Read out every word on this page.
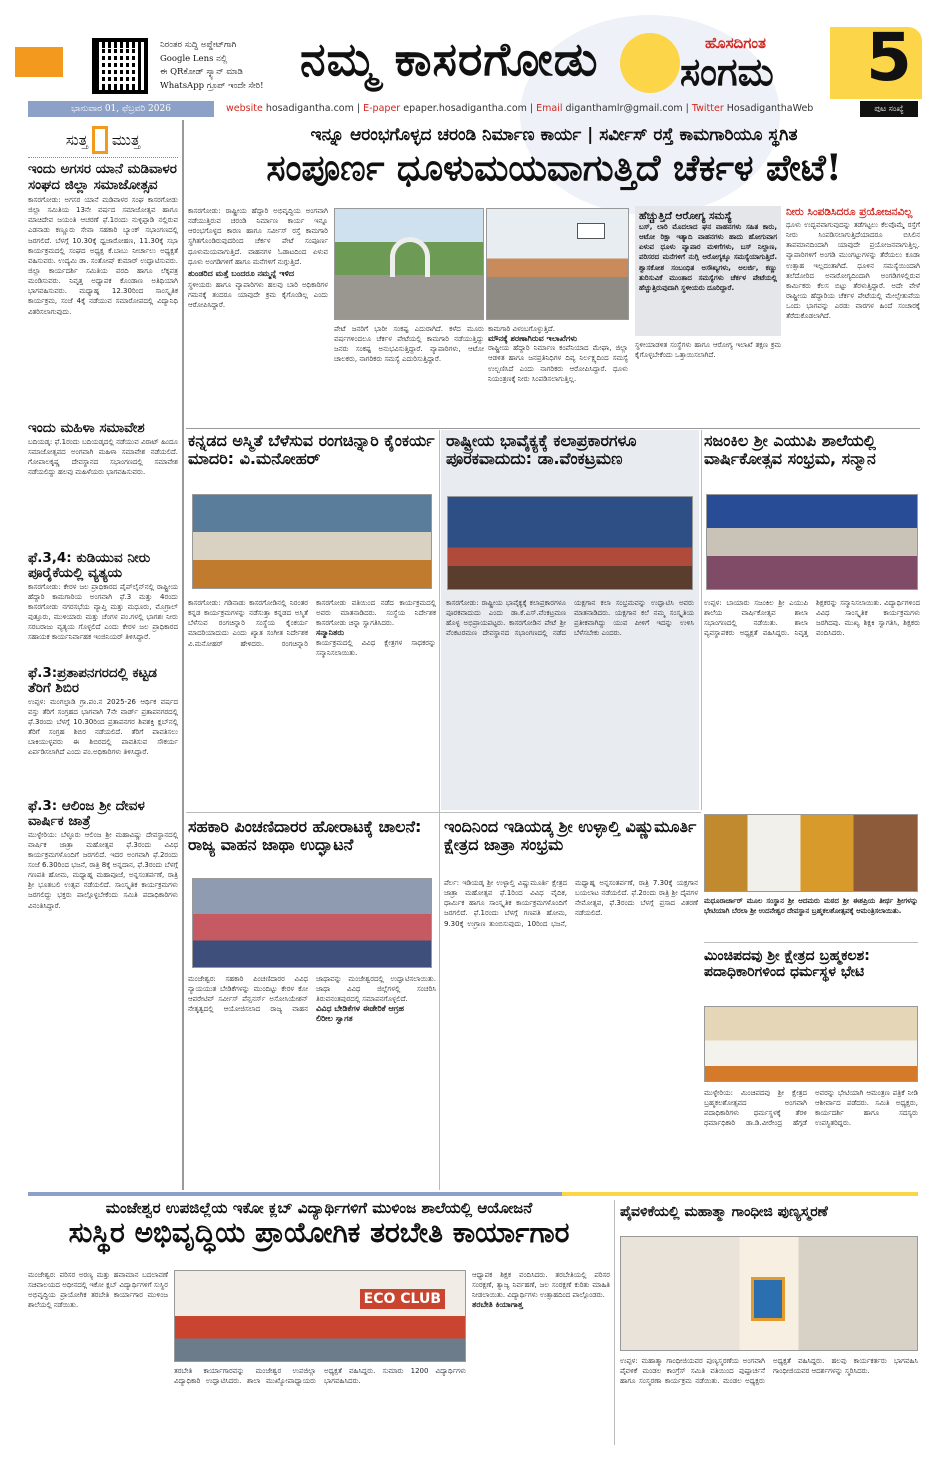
ನಿರಂತರ ಸುದ್ದಿ ಅಪ್ಡೇಟ್‌ಗಾಗಿ
Google Lens ನಲ್ಲಿ
ಈ QRಕೋಡ್ ಸ್ಕ್ಯಾನ್ ಮಾಡಿ
WhatsApp ಗ್ರೂಪ್ ಇಂದೇ ಸೇರಿ! ನಮ್ಮ ಕಾಸರಗೋಡು	ಹೊಸದಿಗಂತ
ಸಂಗಮ 5
ಭಾನುವಾರ 01, ಫೆಬ್ರವರಿ 2026	website hosadigantha.com | E-paper epaper.hosadigantha.com | Email diganthamlr@gmail.com | Twitter HosadiganthaWeb	ಪುಟ ಸಂಖ್ಯೆ
ಸುತ್ತ ಮುತ್ತ
ಇಂದು ಅಗಸರ ಯಾನೆ ಮಡಿವಾಳರ ಸಂಘದ ಜಿಲ್ಲಾ ಸಮಾಜೋತ್ಸವ
ಕಾಸರಗೋಡು: ಅಗಸರ ಯಾನೆ ಮಡಿವಾಳರ ಸಂಘ ಕಾಸರಗೋಡು ಜಿಲ್ಲಾ ಸಮಿತಿಯ 13ನೇ ವರ್ಷದ ಸಮಾಜೋತ್ಸವ ಹಾಗೂ ಮಾಚಿದೇವ ಜಯಂತಿ ಆಚರಣೆ ಫೆ.1ರಂದು ನುಳ್ಳಿಪ್ಪಾಡಿ ನಲ್ಲಿರುವ ಎಡನಾಡು ಕಣ್ಣೂರು ಸೇವಾ ಸಹಕಾರಿ ಬ್ಯಾಂಕ್ ಸಭಾಂಗಣದಲ್ಲಿ ಜರಗಲಿದೆ. ಬೆಳಗ್ಗೆ 10.30ಕ್ಕೆ ಧ್ವಜಾರೋಹಣ, 11.30ಕ್ಕೆ ಸಭಾ ಕಾರ್ಯಕ್ರಮದಲ್ಲಿ ಸಂಘದ ಅಧ್ಯಕ್ಷ ಕೆ.ಬಾಬು ನೀರ್ಚಾಲು ಅಧ್ಯಕ್ಷತೆ ವಹಿಸುವರು. ಉದ್ಯಮಿ ಡಾ. ಸಂತೋಷ್ ಕುಮಾರ್ ಉದ್ಘಾಟಿಸುವರು. ಜಿಲ್ಲಾ ಕಾರ್ಯದರ್ಶಿ ಸಮಿತಿಯ ವರದಿ ಹಾಗೂ ಲೆಕ್ಕಪತ್ರ ಮಂಡಿಸುವರು. ನಿವೃತ್ತ ಅಧ್ಯಾಪಕ ಕೊಂಡಾಣ ಅತಿಥಿಯಾಗಿ ಭಾಗವಹಿಸುವರು. ಮಧ್ಯಾಹ್ನ 12.30ರಿಂದ ಸಾಂಸ್ಕೃತಿಕ ಕಾರ್ಯಕ್ರಮ, ಸಂಜೆ 4ಕ್ಕೆ ನಡೆಯುವ ಸಮಾರೋಪದಲ್ಲಿ ವಿದ್ಯಾನಿಧಿ ವಿತರಿಸಲಾಗುವುದು.
ಇಂದು ಮಹಿಳಾ ಸಮಾವೇಶ
ಬದಿಯಡ್ಕ: ಫೆ.1ರಂದು ಬದಿಯಡ್ಕದಲ್ಲಿ ನಡೆಯುವ ವಿರಾಟ್ ಹಿಂದೂ ಸಮಾಜೋತ್ಸವದ ಅಂಗವಾಗಿ ಮಹಿಳಾ ಸಮಾವೇಶ ನಡೆಯಲಿದೆ. ಗೋಪಾಲಕೃಷ್ಣ ದೇವಸ್ಥಾನದ ಸಭಾಂಗಣದಲ್ಲಿ ಸಮಾವೇಶ ನಡೆಯಲಿದ್ದು ಹಲವು ಮಹಿಳೆಯರು ಭಾಗವಹಿಸುವರು.
ಫೆ.3,4: ಕುಡಿಯುವ ನೀರು ಪೂರೈಕೆಯಲ್ಲಿ ವ್ಯತ್ಯಯ
ಕಾಸರಗೋಡು: ಕೇರಳ ಜಲ ಪ್ರಾಧಿಕಾರದ ಪೈಪ್‌ಲೈನ್‌ನಲ್ಲಿ ರಾಷ್ಟ್ರೀಯ ಹೆದ್ದಾರಿ ಕಾಮಗಾರಿಯ ಅಂಗವಾಗಿ ಫೆ.3 ಮತ್ತು 4ರಂದು ಕಾಸರಗೋಡು ನಗರಸಭೆಯ ವ್ಯಾಪ್ತಿ ಮತ್ತು ಮಧೂರು, ಮೊಗ್ರಾಲ್ ಪುತ್ತೂರು, ಮುಳಿಯಾರು ಮತ್ತು ಚೆಂಗಳ ಪಂ.ಗಳಲ್ಲಿ ಭಾಗಶಃ ನೀರು ಸರಬರಾಜು ವ್ಯತ್ಯಯ ಗೊಳ್ಳಲಿದೆ ಎಂದು ಕೇರಳ ಜಲ ಪ್ರಾಧಿಕಾರದ ಸಹಾಯಕ ಕಾರ್ಯನಿರ್ವಾಹಕ ಇಂಜಿನಿಯರ್ ತಿಳಿಸಿದ್ದಾರೆ.
ಫೆ.3:ಪ್ರತಾಪನಗರದಲ್ಲಿ ಕಟ್ಟಡ ತೆರಿಗೆ ಶಿಬಿರ
ಉಪ್ಪಳ: ಮಂಗಲ್ಪಾಡಿ ಗ್ರಾ.ಪಂ.ನ 2025-26 ಆರ್ಥಿಕ ವರ್ಷದ ವಸ್ತು ತೆರಿಗೆ ಸಂಗ್ರಹದ ಭಾಗವಾಗಿ 7ನೇ ವಾರ್ಡ್ ಪ್ರತಾಪನಗರದಲ್ಲಿ ಫೆ.3ರಂದು ಬೆಳಗ್ಗೆ 10.30ರಿಂದ ಪ್ರತಾಪನಗರ ಶಿವಶಕ್ತಿ ಕ್ಲಬ್‌ನಲ್ಲಿ ತೆರಿಗೆ ಸಂಗ್ರಹ ಶಿಬಿರ ನಡೆಯಲಿದೆ. ತೆರಿಗೆ ಪಾವತಿಸಲು ಬಾಕಿಯುಳ್ಳವರು ಈ ಶಿಬಿರದಲ್ಲಿ ಪಾವತಿಸುವ ಸೌಕರ್ಯ ಏರ್ಪಡಿಸಲಾಗಿದೆ ಎಂದು ಪಂ.ಅಧಿಕಾರಿಗಳು ತಿಳಿಸಿದ್ದಾರೆ.
ಫೆ.3: ಆಲಿಂಜ ಶ್ರೀ ದೇವಳ ವಾರ್ಷಿಕ ಜಾತ್ರೆ
ಮುಳ್ಳೇರಿಯ: ಬೆಳ್ಳೂರು ಆಲಿಂಜ ಶ್ರೀ ಮಹಾವಿಷ್ಣು ದೇವಸ್ಥಾನದಲ್ಲಿ ವಾರ್ಷಿಕ ಜಾತ್ರಾ ಮಹೋತ್ಸವ ಫೆ.3ರಂದು ವಿವಿಧ ಕಾರ್ಯಕ್ರಮಗಳೊಂದಿಗೆ ಜರಗಲಿದೆ. ಇದರ ಅಂಗವಾಗಿ ಫೆ.2ರಂದು ಸಂಜೆ 6.30ರಿಂದ ಭಜನೆ, ರಾತ್ರಿ 8ಕ್ಕೆ ಅನ್ನದಾನ, ಫೆ.3ರಂದು ಬೆಳಗ್ಗೆ ಗಣಪತಿ ಹೋಮ, ಮಧ್ಯಾಹ್ನ ಮಹಾಪೂಜೆ, ಅನ್ನಸಂತರ್ಪಣೆ, ರಾತ್ರಿ ಶ್ರೀ ಭೂತಬಲಿ ಉತ್ಸವ ನಡೆಯಲಿದೆ. ಸಾಂಸ್ಕೃತಿಕ ಕಾರ್ಯಕ್ರಮಗಳು ಜರಗಲಿದ್ದು ಭಕ್ತರು ಪಾಲ್ಗೊಳ್ಳಬೇಕೆಂದು ಸಮಿತಿ ಪದಾಧಿಕಾರಿಗಳು ವಿನಂತಿಸಿದ್ದಾರೆ.
ಇನ್ನೂ ಆರಂಭಗೊಳ್ಳದ ಚರಂಡಿ ನಿರ್ಮಾಣ ಕಾರ್ಯ | ಸರ್ವೀಸ್ ರಸ್ತೆ ಕಾಮಗಾರಿಯೂ ಸ್ಥಗಿತ
ಸಂಪೂರ್ಣ ಧೂಳುಮಯವಾಗುತ್ತಿದೆ ಚೆರ್ಕಳ ಪೇಟೆ!
ಕಾಸರಗೋಡು: ರಾಷ್ಟ್ರೀಯ ಹೆದ್ದಾರಿ ಅಭಿವೃದ್ಧಿಯ ಅಂಗವಾಗಿ ನಡೆಯುತ್ತಿರುವ ಚರಂಡಿ ನಿರ್ಮಾಣ ಕಾರ್ಯ ಇನ್ನೂ ಆರಂಭಗೊಳ್ಳದ ಕಾರಣ ಹಾಗೂ ಸರ್ವೀಸ್ ರಸ್ತೆ ಕಾಮಗಾರಿ ಸ್ಥಗಿತಗೊಂಡಿರುವುದರಿಂದ ಚೆರ್ಕಳ ಪೇಟೆ ಸಂಪೂರ್ಣ ಧೂಳುಮಯವಾಗುತ್ತಿದೆ. ವಾಹನಗಳ ಓಡಾಟದಿಂದ ಏಳುವ ಧೂಳು ಅಂಗಡಿಗಳಿಗೆ ಹಾಗೂ ಮನೆಗಳಿಗೆ ನುಗ್ಗುತ್ತಿದೆ.
ತುಂಡರಿದ ಮತ್ತೆ ಬಂದರೂ ನಮ್ಮನ್ನೆ ಇಳಿದ
ಸ್ಥಳೀಯರು ಹಾಗೂ ವ್ಯಾಪಾರಿಗಳು ಹಲವು ಬಾರಿ ಅಧಿಕಾರಿಗಳ ಗಮನಕ್ಕೆ ತಂದರೂ ಯಾವುದೇ ಕ್ರಮ ಕೈಗೊಂಡಿಲ್ಲ ಎಂದು ಆರೋಪಿಸಿದ್ದಾರೆ.
ಪೇಟೆ ಜನರಿಗೆ ಭಾರೀ ಸಂಕಷ್ಟ ಎದುರಾಗಿದೆ. ಕಳೆದ ಮೂರು ವರ್ಷಗಳಿಂದಲೂ ಚೆರ್ಕಳ ಪೇಟೆಯಲ್ಲಿ ಕಾಮಗಾರಿ ನಡೆಯುತ್ತಿದ್ದು ಜನರು ಸಂಕಷ್ಟ ಅನುಭವಿಸುತ್ತಿದ್ದಾರೆ. ವ್ಯಾಪಾರಿಗಳು, ಆಟೋ ಚಾಲಕರು, ನಾಗರಿಕರು ಸಮಸ್ಯೆ ಎದುರಿಸುತ್ತಿದ್ದಾರೆ.
ಕಾಮಗಾರಿ ವಿಳಂಬಗೊಳ್ಳುತ್ತಿದೆ.
ಮೌನಕ್ಕೆ ಶರಣಾಗಿರುವ ಇಲಾಖೆಗಳು
ರಾಷ್ಟ್ರೀಯ ಹೆದ್ದಾರಿ ನಿರ್ಮಾಣ ಕಂಪೆನಿಯಾದ ಮೇಘಾ, ಜಿಲ್ಲಾ ಆಡಳಿತ ಹಾಗೂ ಜನಪ್ರತಿನಿಧಿಗಳ ದಿವ್ಯ ನಿರ್ಲಕ್ಷ್ಯದಿಂದ ಸಮಸ್ಯೆ ಉಲ್ಬಣಿಸಿದೆ ಎಂದು ನಾಗರಿಕರು ಆರೋಪಿಸಿದ್ದಾರೆ. ಧೂಳು ನಿಯಂತ್ರಣಕ್ಕೆ ನೀರು ಸಿಂಪಡಿಸಲಾಗುತ್ತಿಲ್ಲ.
ಹೆಚ್ಚುತ್ತಿದೆ ಆರೋಗ್ಯ ಸಮಸ್ಯೆ
ಬಸ್, ಲಾರಿ ಮೊದಲಾದ ಘನ ವಾಹನಗಳು ಸಹಿತ ಕಾರು, ಆಟೋ ರಿಕ್ಷಾ ಇತ್ಯಾದಿ ವಾಹನಗಳು ಹಾದು ಹೋಗುವಾಗ ಏಳುವ ಧೂಳು ವ್ಯಾಪಾರ ಮಳಿಗೆಗಳು, ಬಸ್ ನಿಲ್ದಾಣ, ಪರಿಸರದ ಮನೆಗಳಿಗೆ ನುಗ್ಗಿ ಆರೋಗ್ಯಕ್ಕೂ ಸಮಸ್ಯೆಯಾಗುತ್ತಿದೆ. ಶ್ವಾಸಕೋಶ ಸಂಬಂಧಿತ ಅಸೌಖ್ಯಗಳು, ಅಲರ್ಜಿ, ಕಣ್ಣು ತುರಿಸುವಿಕೆ ಮುಂತಾದ ಸಮಸ್ಯೆಗಳು ಚೆರ್ಕಳ ಪೇಟೆಯಲ್ಲಿ ಹೆಚ್ಚುತ್ತಿರುವುದಾಗಿ ಸ್ಥಳೀಯರು ದೂರಿದ್ದಾರೆ.
ಸ್ಥಳೀಯಾಡಳಿತ ಸಂಸ್ಥೆಗಳು ಹಾಗೂ ಆರೋಗ್ಯ ಇಲಾಖೆ ತಕ್ಷಣ ಕ್ರಮ ಕೈಗೊಳ್ಳಬೇಕೆಂದು ಒತ್ತಾಯಿಸಲಾಗಿದೆ.
ನೀರು ಸಿಂಪಡಿಸಿದರೂ ಪ್ರಯೋಜನವಿಲ್ಲ
ಧೂಳು ಉದ್ಭವವಾಗುವುದನ್ನು ತಡೆಗಟ್ಟಲು ಕೆಲವೊಮ್ಮೆ ರಸ್ತೆಗೆ ನೀರು ಸಿಂಪಡಿಸಲಾಗುತ್ತಿದೆಯಾದರೂ ಬಿಸಿಲಿನ ತಾಪಮಾನದಿಂದಾಗಿ ಯಾವುದೇ ಪ್ರಯೋಜನವಾಗುತ್ತಿಲ್ಲ. ವ್ಯಾಪಾರಿಗಳಿಗೆ ಅಂಗಡಿ ಮುಂಗಟ್ಟುಗಳನ್ನು ತೆರೆಯಲು ಕೂಡಾ ಉತ್ಸಾಹ ಇಲ್ಲದಂತಾಗಿದೆ. ಧೂಳಿನ ಸಮಸ್ಯೆಯಿಂದಾಗಿ ತಲೆದೋರಿದ ಅನಾರೋಗ್ಯದಿಂದಾಗಿ ಅಂಗಡಿಗಳಲ್ಲಿರುವ ಕಾರ್ಮಿಕರು ಕೆಲಸ ಬಿಟ್ಟು ತೆರಳುತ್ತಿದ್ದಾರೆ. ಅದೇ ವೇಳೆ ರಾಷ್ಟ್ರೀಯ ಹೆದ್ದಾರಿಯ ಚೆರ್ಕಳ ಪೇಟೆಯಲ್ಲಿ ಮೇಲ್ಸೇತುವೆಯ ಒಂದು ಭಾಗವನ್ನು ಎರಡು ವಾರಗಳ ಹಿಂದೆ ಸಂಚಾರಕ್ಕೆ ತೆರೆದುಕೊಡಲಾಗಿದೆ.
ಕನ್ನಡದ ಅಸ್ಮಿತೆ ಬೆಳೆಸುವ ರಂಗಚಿನ್ನಾರಿ ಕೈಂಕರ್ಯ ಮಾದರಿ: ವಿ.ಮನೋಹರ್
ಕಾಸರಗೋಡು: ಗಡಿನಾಡು ಕಾಸರಗೋಡಿನಲ್ಲಿ ನಿರಂತರ ಕನ್ನಡ ಕಾರ್ಯಕ್ರಮಗಳನ್ನು ನಡೆಸುತ್ತಾ ಕನ್ನಡದ ಅಸ್ಮಿತೆ ಬೆಳೆಸುವ ರಂಗಚಿನ್ನಾರಿ ಸಂಸ್ಥೆಯ ಕೈಂಕರ್ಯ ಮಾದರಿಯಾದುದು ಎಂದು ಖ್ಯಾತ ಸಂಗೀತ ನಿರ್ದೇಶಕ ವಿ.ಮನೋಹರ್ ಹೇಳಿದರು. ರಂಗಚಿನ್ನಾರಿ ಕಾಸರಗೋಡು ವತಿಯಿಂದ ನಡೆದ ಕಾರ್ಯಕ್ರಮದಲ್ಲಿ ಅವರು ಮಾತನಾಡಿದರು. ಸಂಸ್ಥೆಯ ನಿರ್ದೇಶಕ ಕಾಸರಗೋಡು ಚಿನ್ನಾ ಸ್ವಾಗತಿಸಿದರು.
ಸನ್ಮಾನಿತರು
ಕಾರ್ಯಕ್ರಮದಲ್ಲಿ ವಿವಿಧ ಕ್ಷೇತ್ರಗಳ ಸಾಧಕರನ್ನು ಸನ್ಮಾನಿಸಲಾಯಿತು.
ರಾಷ್ಟ್ರೀಯ ಭಾವೈಕ್ಯಕ್ಕೆ ಕಲಾಪ್ರಕಾರಗಳೂ ಪೂರಕವಾದುದು: ಡಾ.ವೆಂಕಟ್ರಮಣ
ಕಾಸರಗೋಡು: ರಾಷ್ಟ್ರೀಯ ಭಾವೈಕ್ಯಕ್ಕೆ ಕಲಾಪ್ರಕಾರಗಳೂ ಪೂರಕವಾದುದು ಎಂದು ಡಾ.ಕೆ.ಎಸ್.ವೆಂಕಟ್ರಮಣ ಹೊಳ್ಳ ಅಭಿಪ್ರಾಯಪಟ್ಟರು. ಕಾಸರಗೋಡಿನ ಪೇಟೆ ಶ್ರೀ ವೆಂಕಟರಮಣ ದೇವಸ್ಥಾನದ ಸಭಾಂಗಣದಲ್ಲಿ ನಡೆದ ಯಕ್ಷಗಾನ ಕಲಾ ಸಂಭ್ರಮವನ್ನು ಉದ್ಘಾಟಿಸಿ ಅವರು ಮಾತನಾಡಿದರು. ಯಕ್ಷಗಾನ ಕಲೆ ನಮ್ಮ ಸಂಸ್ಕೃತಿಯ ಪ್ರತೀಕವಾಗಿದ್ದು ಯುವ ಪೀಳಿಗೆ ಇದನ್ನು ಉಳಿಸಿ ಬೆಳೆಸಬೇಕು ಎಂದರು.
ಸಜಂಕಿಲ ಶ್ರೀ ಎಯುಪಿ ಶಾಲೆಯಲ್ಲಿ ವಾರ್ಷಿಕೋತ್ಸವ ಸಂಭ್ರಮ, ಸನ್ಮಾನ
ಉಪ್ಪಳ: ಬಾಯಾರು ಸಜಂಕಿಲ ಶ್ರೀ ಎಯುಪಿ ಶಾಲೆಯ ವಾರ್ಷಿಕೋತ್ಸವ ಶಾಲಾ ಸಭಾಂಗಣದಲ್ಲಿ ನಡೆಯಿತು. ಶಾಲಾ ವ್ಯವಸ್ಥಾಪಕರು ಅಧ್ಯಕ್ಷತೆ ವಹಿಸಿದ್ದರು. ನಿವೃತ್ತ ಶಿಕ್ಷಕರನ್ನು ಸನ್ಮಾನಿಸಲಾಯಿತು. ವಿದ್ಯಾರ್ಥಿಗಳಿಂದ ವಿವಿಧ ಸಾಂಸ್ಕೃತಿಕ ಕಾರ್ಯಕ್ರಮಗಳು ಜರಗಿದವು. ಮುಖ್ಯ ಶಿಕ್ಷಕಿ ಸ್ವಾಗತಿಸಿ, ಶಿಕ್ಷಕರು ವಂದಿಸಿದರು.
ಸಹಕಾರಿ ಪಿಂಚಣಿದಾರರ ಹೋರಾಟಕ್ಕೆ ಚಾಲನೆ: ರಾಜ್ಯ ವಾಹನ ಜಾಥಾ ಉದ್ಘಾಟನೆ
ಮಂಜೇಶ್ವರ: ಸಹಕಾರಿ ಪಿಂಚಣಿದಾರರ ವಿವಿಧ ನ್ಯಾಯಯುತ ಬೇಡಿಕೆಗಳನ್ನು ಮುಂದಿಟ್ಟು ಕೇರಳ ಕೋ ಆಪರೇಟಿವ್ ಸರ್ವೀಸ್ ಪೆನ್ಷನರ್ಸ್ ಅಸೋಸಿಯೇಶನ್ ನೇತೃತ್ವದಲ್ಲಿ ಆಯೋಜಿಸಲಾದ ರಾಜ್ಯ ವಾಹನ ಜಾಥಾವನ್ನು ಮಂಜೇಶ್ವರದಲ್ಲಿ ಉದ್ಘಾಟಿಸಲಾಯಿತು. ಜಾಥಾ ವಿವಿಧ ಜಿಲ್ಲೆಗಳಲ್ಲಿ ಸಂಚರಿಸಿ ತಿರುವನಂತಪುರದಲ್ಲಿ ಸಮಾಪನಗೊಳ್ಳಲಿದೆ.
ವಿವಿಧ ಬೇಡಿಕೆಗಳ ಈಡೇರಿಕೆ ಆಗ್ರಹ
ಲಿರೀಲ ಸ್ವಾಗತ
ಇಂದಿನಿಂದ ಇಡಿಯಡ್ಕ ಶ್ರೀ ಉಳ್ಳಾಲ್ತಿ ವಿಷ್ಣುಮೂರ್ತಿ ಕ್ಷೇತ್ರದ ಜಾತ್ರಾ ಸಂಭ್ರಮ
ಪೆರ್ಲ: ಇಡಿಯಡ್ಕ ಶ್ರೀ ಉಳ್ಳಾಲ್ತಿ ವಿಷ್ಣುಮೂರ್ತಿ ಕ್ಷೇತ್ರದ ಜಾತ್ರಾ ಮಹೋತ್ಸವ ಫೆ.1ರಿಂದ ವಿವಿಧ ವೈದಿಕ, ಧಾರ್ಮಿಕ ಹಾಗೂ ಸಾಂಸ್ಕೃತಿಕ ಕಾರ್ಯಕ್ರಮಗಳೊಂದಿಗೆ ಜರಗಲಿದೆ. ಫೆ.1ರಂದು ಬೆಳಗ್ಗೆ ಗಣಪತಿ ಹೋಮ, 9.30ಕ್ಕೆ ಉಗ್ರಾಣ ತುಂಬಿಸುವುದು, 10ರಿಂದ ಭಜನೆ, ಮಧ್ಯಾಹ್ನ ಅನ್ನಸಂತರ್ಪಣೆ, ರಾತ್ರಿ 7.30ಕ್ಕೆ ಯಕ್ಷಗಾನ ಬಯಲಾಟ ನಡೆಯಲಿದೆ. ಫೆ.2ರಂದು ರಾತ್ರಿ ಶ್ರೀ ದೈವಗಳ ನೇಮೋತ್ಸವ, ಫೆ.3ರಂದು ಬೆಳಗ್ಗೆ ಪ್ರಸಾದ ವಿತರಣೆ ನಡೆಯಲಿದೆ.
ಮಧೂರಾರ್ಚಾರ್ ಮೂಲ ಸಂಸ್ಥಾನ ಶ್ರೀ ಆದಮರು ಮಠದ ಶ್ರೀ ಈಶಪ್ರಿಯ ತೀರ್ಥ ಶ್ರೀಗಳನ್ನು ಭೇಟಿಯಾಗಿ ಬೆರಲಾ ಶ್ರೀ ಉದನೇಶ್ವರ ದೇವಸ್ಥಾನ ಬ್ರಹ್ಮಕಲಶೋತ್ಸವಕ್ಕೆ ಆಮಂತ್ರಿಸಲಾಯಿತು.
ಮಿಂಚಿಪದವು ಶ್ರೀ ಕ್ಷೇತ್ರದ ಬ್ರಹ್ಮಕಲಶ: ಪದಾಧಿಕಾರಿಗಳಿಂದ ಧರ್ಮಸ್ಥಳ ಭೇಟಿ
ಮುಳ್ಳೇರಿಯ: ಮಿಂಚಿಪದವು ಶ್ರೀ ಕ್ಷೇತ್ರದ ಬ್ರಹ್ಮಕಲಶೋತ್ಸವದ ಅಂಗವಾಗಿ ಪದಾಧಿಕಾರಿಗಳು ಧರ್ಮಸ್ಥಳಕ್ಕೆ ತೆರಳಿ ಧರ್ಮಾಧಿಕಾರಿ ಡಾ.ಡಿ.ವೀರೇಂದ್ರ ಹೆಗ್ಗಡೆ ಅವರನ್ನು ಭೇಟಿಯಾಗಿ ಆಮಂತ್ರಣ ಪತ್ರಿಕೆ ನೀಡಿ ಆಶೀರ್ವಾದ ಪಡೆದರು. ಸಮಿತಿ ಅಧ್ಯಕ್ಷರು, ಕಾರ್ಯದರ್ಶಿ ಹಾಗೂ ಸದಸ್ಯರು ಉಪಸ್ಥಿತರಿದ್ದರು.
ಮಂಜೇಶ್ವರ ಉಪಜಿಲ್ಲೆಯ ಇಕೋ ಕ್ಲಬ್ ವಿದ್ಯಾರ್ಥಿಗಳಿಗೆ ಮುಳಿಂಜ ಶಾಲೆಯಲ್ಲಿ ಆಯೋಜನೆ
ಸುಸ್ಥಿರ ಅಭಿವೃದ್ಧಿಯ ಪ್ರಾಯೋಗಿಕ ತರಬೇತಿ ಕಾರ್ಯಾಗಾರ
ಮಂಜೇಶ್ವರ: ಪರಿಸರ ಅರಣ್ಯ ಮತ್ತು ಹವಾಮಾನ ಬದಲಾವಣೆ ಸಚಿವಾಲಯದ ಅಧೀನದಲ್ಲಿ ಇಕೋ ಕ್ಲಬ್ ವಿದ್ಯಾರ್ಥಿಗಳಿಗೆ ಸುಸ್ಥಿರ ಅಭಿವೃದ್ಧಿಯ ಪ್ರಾಯೋಗಿಕ ತರಬೇತಿ ಕಾರ್ಯಾಗಾರ ಮುಳಿಂಜ ಶಾಲೆಯಲ್ಲಿ ನಡೆಯಿತು.	ECO CLUB
ತರಬೇತಿ ಕಾರ್ಯಾಗಾರವನ್ನು ಮಂಜೇಶ್ವರ ಉಪಜಿಲ್ಲಾ ವಿದ್ಯಾಧಿಕಾರಿ ಉದ್ಘಾಟಿಸಿದರು. ಶಾಲಾ ಮುಖ್ಯೋಪಾಧ್ಯಾಯರು ಅಧ್ಯಕ್ಷತೆ ವಹಿಸಿದ್ದರು. ಸುಮಾರು 1200 ವಿದ್ಯಾರ್ಥಿಗಳು ಭಾಗವಹಿಸಿದರು.
ಆಧ್ಯಾಪಕ ಶಿಕ್ಷಕ ವಂದಿಸಿದರು. ತರಬೇತಿಯಲ್ಲಿ ಪರಿಸರ ಸಂರಕ್ಷಣೆ, ತ್ಯಾಜ್ಯ ನಿರ್ವಹಣೆ, ಜಲ ಸಂರಕ್ಷಣೆ ಕುರಿತು ಮಾಹಿತಿ ನೀಡಲಾಯಿತು. ವಿದ್ಯಾರ್ಥಿಗಳು ಉತ್ಸಾಹದಿಂದ ಪಾಲ್ಗೊಂಡರು.
ತರಬೇತಿ ಕಿಯಾಗಾತ್ತ
ಪೈವಳಿಕೆಯಲ್ಲಿ ಮಹಾತ್ಮಾ ಗಾಂಧೀಜಿ ಪುಣ್ಯಸ್ಮರಣೆ
ಉಪ್ಪಳ: ಮಹಾತ್ಮಾ ಗಾಂಧೀಜಿಯವರ ಪುಣ್ಯಸ್ಮರಣೆಯ ಅಂಗವಾಗಿ ಪೈವಳಿಕೆ ಮಂಡಲ ಕಾಂಗ್ರೆಸ್ ಸಮಿತಿ ವತಿಯಿಂದ ಪುಷ್ಪಾರ್ಚನೆ ಹಾಗೂ ಸಂಸ್ಮರಣಾ ಕಾರ್ಯಕ್ರಮ ನಡೆಯಿತು. ಮಂಡಲ ಅಧ್ಯಕ್ಷರು ಅಧ್ಯಕ್ಷತೆ ವಹಿಸಿದ್ದರು. ಹಲವು ಕಾರ್ಯಕರ್ತರು ಭಾಗವಹಿಸಿ ಗಾಂಧೀಜಿಯವರ ಆದರ್ಶಗಳನ್ನು ಸ್ಮರಿಸಿದರು.
